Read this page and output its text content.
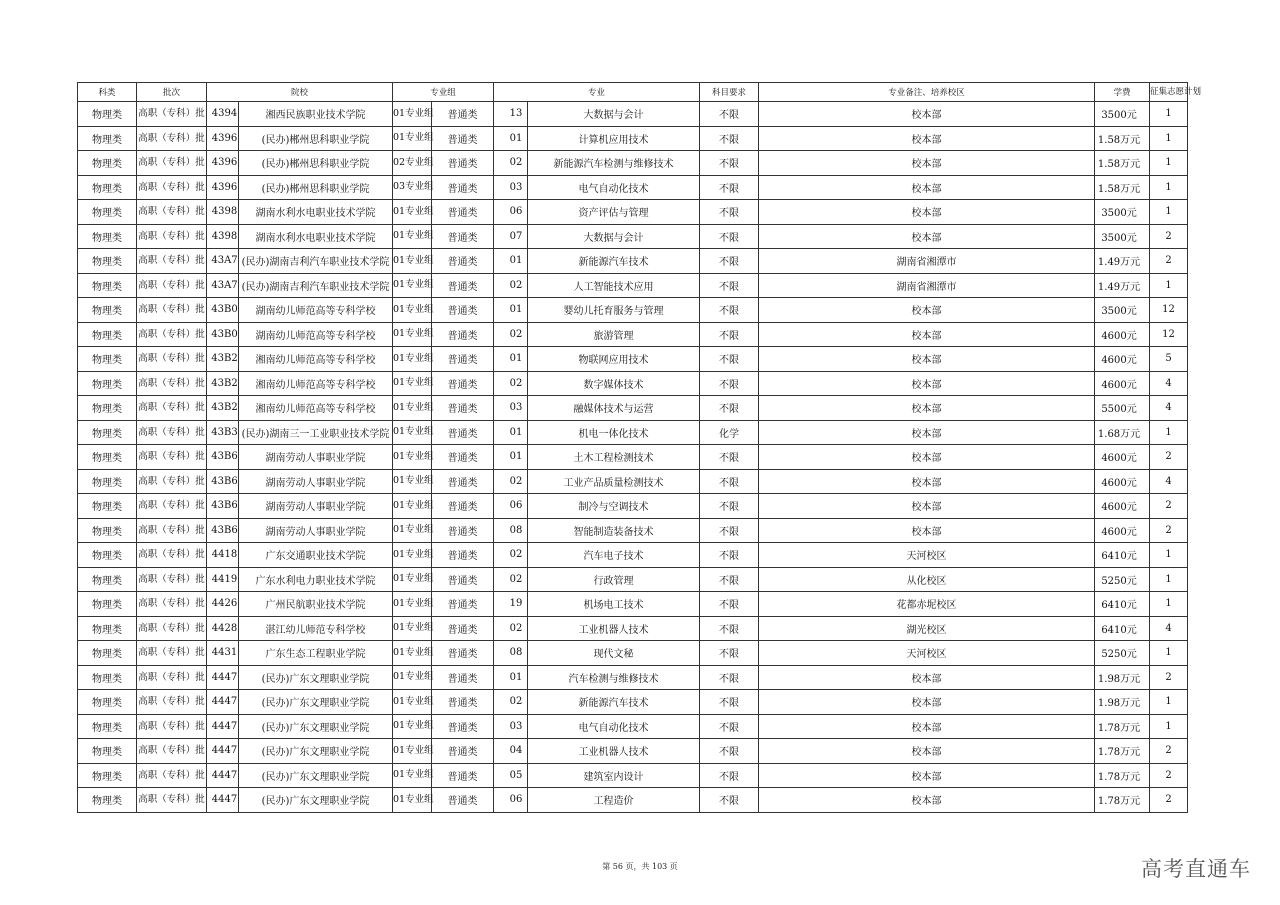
科类	批次	院校		专业组		专业		科目要求	专业备注、培养校区	学费	征集志愿计划
物理类	高职（专科）批	4394	湘西民族职业技术学院	01专业组	普通类	13	大数据与会计	不限	校本部	3500元	1
物理类	高职（专科）批	4396	(民办)郴州思科职业学院	01专业组	普通类	01	计算机应用技术	不限	校本部	1.58万元	1
物理类	高职（专科）批	4396	(民办)郴州思科职业学院	02专业组	普通类	02	新能源汽车检测与维修技术	不限	校本部	1.58万元	1
物理类	高职（专科）批	4396	(民办)郴州思科职业学院	03专业组	普通类	03	电气自动化技术	不限	校本部	1.58万元	1
物理类	高职（专科）批	4398	湖南水利水电职业技术学院	01专业组	普通类	06	资产评估与管理	不限	校本部	3500元	1
物理类	高职（专科）批	4398	湖南水利水电职业技术学院	01专业组	普通类	07	大数据与会计	不限	校本部	3500元	2
物理类	高职（专科）批	43A7	(民办)湖南吉利汽车职业技术学院	01专业组	普通类	01	新能源汽车技术	不限	湖南省湘潭市	1.49万元	2
物理类	高职（专科）批	43A7	(民办)湖南吉利汽车职业技术学院	01专业组	普通类	02	人工智能技术应用	不限	湖南省湘潭市	1.49万元	1
物理类	高职（专科）批	43B0	湖南幼儿师范高等专科学校	01专业组	普通类	01	婴幼儿托育服务与管理	不限	校本部	3500元	12
物理类	高职（专科）批	43B0	湖南幼儿师范高等专科学校	01专业组	普通类	02	旅游管理	不限	校本部	4600元	12
物理类	高职（专科）批	43B2	湘南幼儿师范高等专科学校	01专业组	普通类	01	物联网应用技术	不限	校本部	4600元	5
物理类	高职（专科）批	43B2	湘南幼儿师范高等专科学校	01专业组	普通类	02	数字媒体技术	不限	校本部	4600元	4
物理类	高职（专科）批	43B2	湘南幼儿师范高等专科学校	01专业组	普通类	03	融媒体技术与运营	不限	校本部	5500元	4
物理类	高职（专科）批	43B3	(民办)湖南三一工业职业技术学院	01专业组	普通类	01	机电一体化技术	化学	校本部	1.68万元	1
物理类	高职（专科）批	43B6	湖南劳动人事职业学院	01专业组	普通类	01	土木工程检测技术	不限	校本部	4600元	2
物理类	高职（专科）批	43B6	湖南劳动人事职业学院	01专业组	普通类	02	工业产品质量检测技术	不限	校本部	4600元	4
物理类	高职（专科）批	43B6	湖南劳动人事职业学院	01专业组	普通类	06	制冷与空调技术	不限	校本部	4600元	2
物理类	高职（专科）批	43B6	湖南劳动人事职业学院	01专业组	普通类	08	智能制造装备技术	不限	校本部	4600元	2
物理类	高职（专科）批	4418	广东交通职业技术学院	01专业组	普通类	02	汽车电子技术	不限	天河校区	6410元	1
物理类	高职（专科）批	4419	广东水利电力职业技术学院	01专业组	普通类	02	行政管理	不限	从化校区	5250元	1
物理类	高职（专科）批	4426	广州民航职业技术学院	01专业组	普通类	19	机场电工技术	不限	花都赤坭校区	6410元	1
物理类	高职（专科）批	4428	湛江幼儿师范专科学校	01专业组	普通类	02	工业机器人技术	不限	湖光校区	6410元	4
物理类	高职（专科）批	4431	广东生态工程职业学院	01专业组	普通类	08	现代文秘	不限	天河校区	5250元	1
物理类	高职（专科）批	4447	(民办)广东文理职业学院	01专业组	普通类	01	汽车检测与维修技术	不限	校本部	1.98万元	2
物理类	高职（专科）批	4447	(民办)广东文理职业学院	01专业组	普通类	02	新能源汽车技术	不限	校本部	1.98万元	1
物理类	高职（专科）批	4447	(民办)广东文理职业学院	01专业组	普通类	03	电气自动化技术	不限	校本部	1.78万元	1
物理类	高职（专科）批	4447	(民办)广东文理职业学院	01专业组	普通类	04	工业机器人技术	不限	校本部	1.78万元	2
物理类	高职（专科）批	4447	(民办)广东文理职业学院	01专业组	普通类	05	建筑室内设计	不限	校本部	1.78万元	2
物理类	高职（专科）批	4447	(民办)广东文理职业学院	01专业组	普通类	06	工程造价	不限	校本部	1.78万元	2
第 56 页，共 103 页	高考直通车
